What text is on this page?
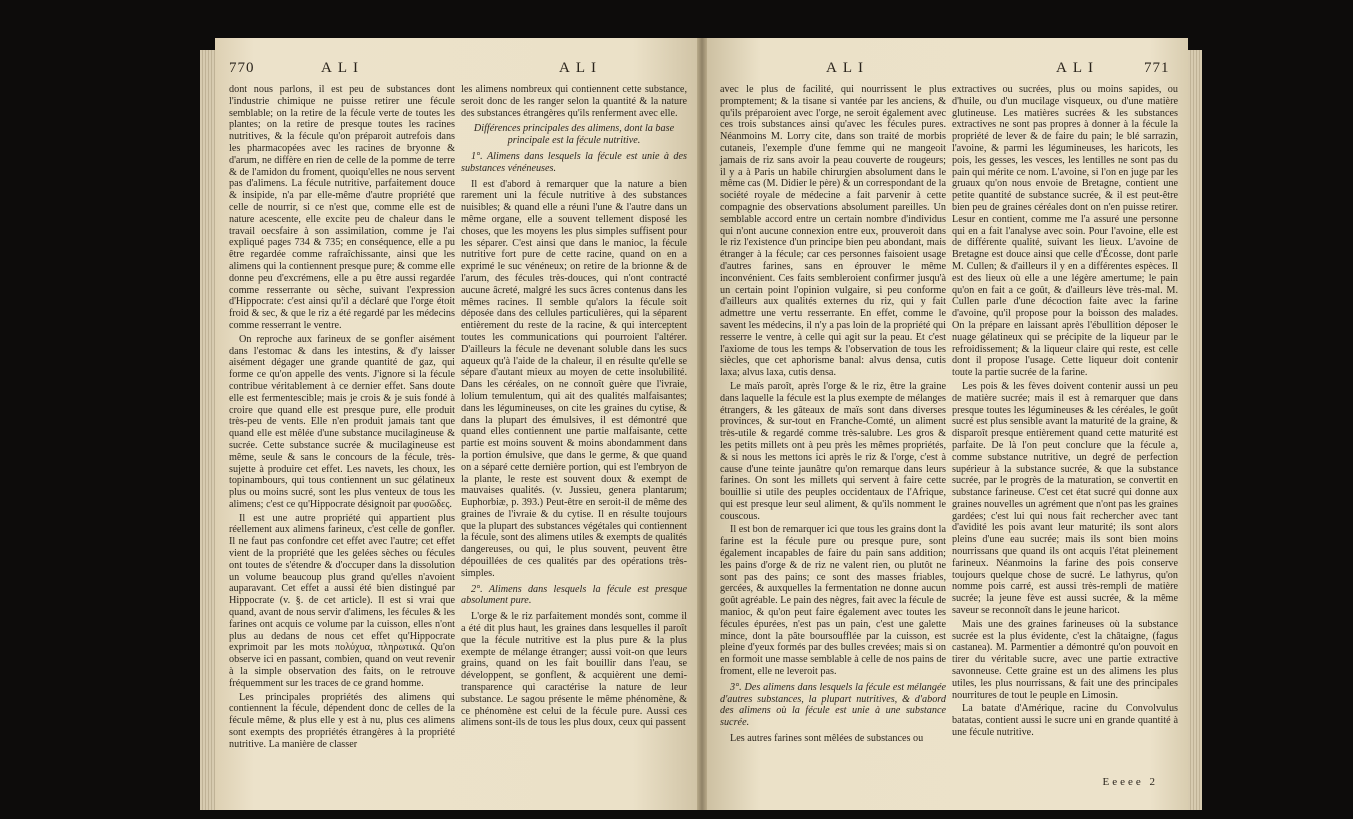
770	ALI	ALI

dont nous parlons, il est peu de substances dont l'industrie chimique ne puisse retirer une fécule semblable; on la retire de la fécule verte de toutes les plantes; on la retire de presque toutes les racines nutritives, & la fécule qu'on préparoit autrefois dans les pharmacopées avec les racines de bryonne & d'arum, ne diffère en rien de celle de la pomme de terre & de l'amidon du froment, quoiqu'elles ne nous servent pas d'alimens. La fécule nutritive, parfaitement douce & insipide, n'a par elle-même d'autre propriété que celle de nourrir, si ce n'est que, comme elle est de nature acescente, elle excite peu de chaleur dans le travail oecsfaire à son assimilation, comme je l'ai expliqué pages 734 & 735; en conséquence, elle a pu être regardée comme rafraîchissante, ainsi que les alimens qui la contiennent presque pure; & comme elle donne peu d'excrémens, elle a pu être aussi regardée comme resserrante ou sèche, suivant l'expression d'Hippocrate: c'est ainsi qu'il a déclaré que l'orge étoit froid & sec, & que le riz a été regardé par les médecins comme resserrant le ventre.

On reproche aux farineux de se gonfler aisément dans l'estomac & dans les intestins, & d'y laisser aisément dégager une grande quantité de gaz, qui forme ce qu'on appelle des vents. J'ignore si la fécule contribue véritablement à ce dernier effet. Sans doute elle est fermentescible; mais je crois & je suis fondé à croire que quand elle est presque pure, elle produit très-peu de vents. Elle n'en produit jamais tant que quand elle est mêlée d'une substance mucilagineuse & sucrée. Cette substance sucrée & mucilagineuse est même, seule & sans le concours de la fécule, très-sujette à produire cet effet. Les navets, les choux, les topinambours, qui tous contiennent un suc gélatineux plus ou moins sucré, sont les plus venteux de tous les alimens; c'est ce qu'Hippocrate désignoit par φυσῶδες.

Il est une autre propriété qui appartient plus réellement aux alimens farineux, c'est celle de gonfler. Il ne faut pas confondre cet effet avec l'autre; cet effet vient de la propriété que les gelées sèches ou fécules ont toutes de s'étendre & d'occuper dans la dissolution un volume beaucoup plus grand qu'elles n'avoient auparavant. Cet effet a aussi été bien distingué par Hippocrate (v. §. de cet article). Il est si vrai que quand, avant de nous servir d'alimens, les fécules & les farines ont acquis ce volume par la cuisson, elles n'ont plus au dedans de nous cet effet qu'Hippocrate exprimoit par les mots πολύχυα, πληρωτικά. Qu'on observe ici en passant, combien, quand on veut revenir à la simple observation des faits, on le retrouve fréquemment sur les traces de ce grand homme.

Les principales propriétés des alimens qui contiennent la fécule, dépendent donc de celles de la fécule même, & plus elle y est à nu, plus ces alimens sont exempts des propriétés étrangères à la propriété nutritive. La manière de classer

les alimens nombreux qui contiennent cette substance, seroit donc de les ranger selon la quantité & la nature des substances étrangères qu'ils renferment avec elle.

Différences principales des alimens, dont la base principale est la fécule nutritive.

1°. Alimens dans lesquels la fécule est unie à des substances vénéneuses.

Il est d'abord à remarquer que la nature a bien rarement uni la fécule nutritive à des substances nuisibles; & quand elle a réuni l'une & l'autre dans un même organe, elle a souvent tellement disposé les choses, que les moyens les plus simples suffisent pour les séparer. C'est ainsi que dans le manioc, la fécule nutritive fort pure de cette racine, quand on en a exprimé le suc vénéneux; on retire de la brionne & de l'arum, des fécules très-douces, qui n'ont contracté aucune âcreté, malgré les sucs âcres contenus dans les mêmes racines. Il semble qu'alors la fécule soit déposée dans des cellules particulières, qui la séparent entièrement du reste de la racine, & qui interceptent toutes les communications qui pourroient l'altérer. D'ailleurs la fécule ne devenant soluble dans les sucs aqueux qu'à l'aide de la chaleur, il en résulte qu'elle se sépare d'autant mieux au moyen de cette insolubilité. Dans les céréales, on ne connoît guère que l'ivraie, lolium temulentum, qui ait des qualités malfaisantes; dans les légumineuses, on cite les graines du cytise, & dans la plupart des émulsives, il est démontré que quand elles contiennent une partie malfaisante, cette partie est moins souvent & moins abondamment dans la portion émulsive, que dans le germe, & que quand on a séparé cette dernière portion, qui est l'embryon de la plante, le reste est souvent doux & exempt de mauvaises qualités. (v. Jussieu, genera plantarum; Euphorbiæ, p. 393.) Peut-être en seroit-il de même des graines de l'ivraie & du cytise. Il en résulte toujours que la plupart des substances végétales qui contiennent la fécule, sont des alimens utiles & exempts de qualités dangereuses, ou qui, le plus souvent, peuvent être dépouillées de ces qualités par des opérations très-simples.

2°. Alimens dans lesquels la fécule est presque absolument pure.

L'orge & le riz parfaitement mondés sont, comme il a été dit plus haut, les graines dans lesquelles il paroît que la fécule nutritive est la plus pure & la plus exempte de mélange étranger; aussi voit-on que leurs grains, quand on les fait bouillir dans l'eau, se développent, se gonflent, & acquièrent une demi-transparence qui caractérise la nature de leur substance. Le sagou présente le même phénomène, & ce phénomène est celui de la fécule pure. Aussi ces alimens sont-ils de tous les plus doux, ceux qui passent

ALI	ALI	771

avec le plus de facilité, qui nourrissent le plus promptement; & la tisane si vantée par les anciens, & qu'ils préparoient avec l'orge, ne seroit également avec ces trois substances ainsi qu'avec les fécules pures. Néanmoins M. Lorry cite, dans son traité de morbis cutaneis, l'exemple d'une femme qui ne mangeoit jamais de riz sans avoir la peau couverte de rougeurs; il y a à Paris un habile chirurgien absolument dans le même cas (M. Didier le père) & un correspondant de la société royale de médecine a fait parvenir à cette compagnie des observations absolument pareilles. Un semblable accord entre un certain nombre d'individus qui n'ont aucune connexion entre eux, prouveroit dans le riz l'existence d'un principe bien peu abondant, mais étranger à la fécule; car ces personnes faisoient usage d'autres farines, sans en éprouver le même inconvénient. Ces faits sembleroient confirmer jusqu'à un certain point l'opinion vulgaire, si peu conforme d'ailleurs aux qualités externes du riz, qui y fait admettre une vertu resserrante. En effet, comme le savent les médecins, il n'y a pas loin de la propriété qui resserre le ventre, à celle qui agit sur la peau. Et c'est l'axiome de tous les temps & l'observation de tous les siècles, que cet aphorisme banal: alvus densa, cutis laxa; alvus laxa, cutis densa.

Le maïs paroît, après l'orge & le riz, être la graine dans laquelle la fécule est la plus exempte de mélanges étrangers, & les gâteaux de maïs sont dans diverses provinces, & sur-tout en Franche-Comté, un aliment très-utile & regardé comme très-salubre. Les gros & les petits millets ont à peu près les mêmes propriétés, & si nous les mettons ici après le riz & l'orge, c'est à cause d'une teinte jaunâtre qu'on remarque dans leurs farines. On sont les millets qui servent à faire cette bouillie si utile des peuples occidentaux de l'Afrique, qui est presque leur seul aliment, & qu'ils nomment le couscous.

Il est bon de remarquer ici que tous les grains dont la farine est la fécule pure ou presque pure, sont également incapables de faire du pain sans addition; les pains d'orge & de riz ne valent rien, ou plutôt ne sont pas des pains; ce sont des masses friables, gercées, & auxquelles la fermentation ne donne aucun goût agréable. Le pain des nègres, fait avec la fécule de manioc, & qu'on peut faire également avec toutes les fécules épurées, n'est pas un pain, c'est une galette mince, dont la pâte boursoufflée par la cuisson, est pleine d'yeux formés par des bulles crevées; mais si on en formoit une masse semblable à celle de nos pains de froment, elle ne leveroit pas.

3°. Des alimens dans lesquels la fécule est mélangée d'autres substances, la plupart nutritives, & d'abord des alimens où la fécule est unie à une substance sucrée.

Les autres farines sont mêlées de substances ou

extractives ou sucrées, plus ou moins sapides, ou d'huile, ou d'un mucilage visqueux, ou d'une matière glutineuse. Les matières sucrées & les substances extractives ne sont pas propres à donner à la fécule la propriété de lever & de faire du pain; le blé sarrazin, l'avoine, & parmi les légumineuses, les haricots, les pois, les gesses, les vesces, les lentilles ne sont pas du pain qui mérite ce nom. L'avoine, si l'on en juge par les gruaux qu'on nous envoie de Bretagne, contient une petite quantité de substance sucrée, & il est peut-être bien peu de graines céréales dont on n'en puisse retirer. Lesur en contient, comme me l'a assuré une personne qui en a fait l'analyse avec soin. Pour l'avoine, elle est de différente qualité, suivant les lieux. L'avoine de Bretagne est douce ainsi que celle d'Écosse, dont parle M. Cullen; & d'ailleurs il y en a différentes espèces. Il est des lieux où elle a une légère amertume; le pain qu'on en fait a ce goût, & d'ailleurs lève très-mal. M. Cullen parle d'une décoction faite avec la farine d'avoine, qu'il propose pour la boisson des malades. On la prépare en laissant après l'ébullition déposer le nuage gélatineux qui se précipite de la liqueur par le refroidissement; & la liqueur claire qui reste, est celle dont il propose l'usage. Cette liqueur doit contenir toute la partie sucrée de la farine.

Les pois & les fèves doivent contenir aussi un peu de matière sucrée; mais il est à remarquer que dans presque toutes les légumineuses & les céréales, le goût sucré est plus sensible avant la maturité de la graine, & disparoît presque entièrement quand cette maturité est parfaite. De là l'on peut conclure que la fécule a, comme substance nutritive, un degré de perfection supérieur à la substance sucrée, & que la substance sucrée, par le progrès de la maturation, se convertit en substance farineuse. C'est cet état sucré qui donne aux graines nouvelles un agrément que n'ont pas les graines gardées; c'est lui qui nous fait rechercher avec tant d'avidité les pois avant leur maturité; ils sont alors pleins d'une eau sucrée; mais ils sont bien moins nourrissans que quand ils ont acquis l'état pleinement farineux. Néanmoins la farine des pois conserve toujours quelque chose de sucré. Le lathyrus, qu'on nomme pois carré, est aussi très-rempli de matière sucrée; la jeune fève est aussi sucrée, & la même saveur se reconnoît dans le jeune haricot.

Mais une des graines farineuses où la substance sucrée est la plus évidente, c'est la châtaigne, (fagus castanea). M. Parmentier a démontré qu'on pouvoit en tirer du véritable sucre, avec une partie extractive savonneuse. Cette graine est un des alimens les plus utiles, les plus nourrissans, & fait une des principales nourritures de tout le peuple en Limosin.

La batate d'Amérique, racine du Convolvulus batatas, contient aussi le sucre uni en grande quantité à une fécule nutritive.

Eeeee 2
